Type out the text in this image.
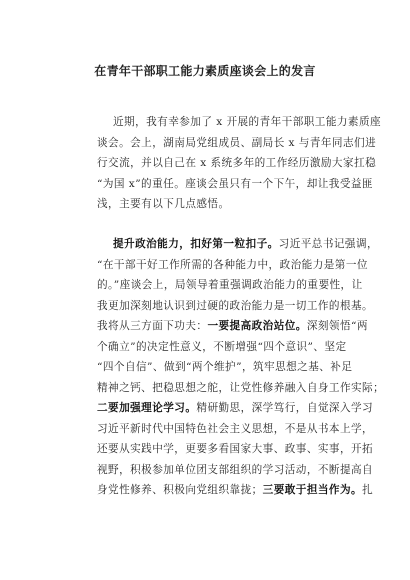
在青年干部职工能力素质座谈会上的发言
近期，我有幸参加了 x 开展的青年干部职工能力素质座
谈会。会上，湖南局党组成员、副局长 x 与青年同志们进
行交流，并以自己在 x 系统多年的工作经历激励大家扛稳
“为国 x”的重任。座谈会虽只有一个下午，却让我受益匪
浅，主要有以下几点感悟。
提升政治能力，扣好第一粒扣子。习近平总书记强调，
“在干部干好工作所需的各种能力中，政治能力是第一位
的。”座谈会上，局领导着重强调政治能力的重要性，让
我更加深刻地认识到过硬的政治能力是一切工作的根基。
我将从三方面下功夫：一要提高政治站位。深刻领悟“两
个确立”的决定性意义，不断增强“四个意识”、坚定
“四个自信”、做到“两个维护”，筑牢思想之基、补足
精神之钙、把稳思想之舵，让党性修养融入自身工作实际；
二要加强理论学习。精研勤思，深学笃行，自觉深入学习
习近平新时代中国特色社会主义思想，不是从书本上学，
还要从实践中学，更要多看国家大事、政事、实事，开拓
视野，积极参加单位团支部组织的学习活动，不断提高自
身党性修养、积极向党组织靠拢；三要敢于担当作为。扎
